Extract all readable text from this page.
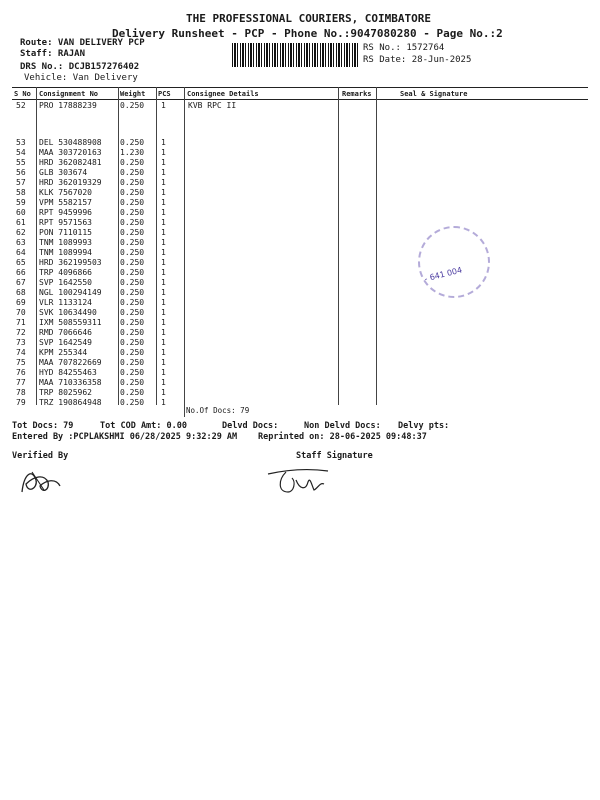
THE PROFESSIONAL COURIERS, COIMBATORE
Delivery Runsheet - PCP - Phone No.:9047080280 - Page No.:2
Route: VAN DELIVERY PCP
Staff: RAJAN
DRS No.: DCJB157276402
Vehicle: Van Delivery
RS No.: 1572764
RS Date: 28-Jun-2025
S No Consignment No	Weight PCS Consignee Details	Remarks	Seal & Signature
52 PRO 17888239	0.250 1	KVB RPC II
53 DEL 530488908 0.250 1
54 MAA 303720163 1.230 1
55 HRD 362082481 0.250 1
56 GLB 303674	0.250 1
57 HRD 362019329 0.250 1
58 KLK 7567020	0.250 1
59 VPM 5582157	0.250 1
60 RPT 9459996	0.250 1
61 RPT 9571563	0.250 1
62 PON 7110115	0.250 1
63 TNM 1089993	0.250 1
64 TNM 1089994	0.250 1
65 HRD 362199503 0.250 1
66 TRP 4096866	0.250 1
67 SVP 1642550	0.250 1
68 NGL 100294149 0.250 1
69 VLR 1133124	0.250 1
70 SVK 10634490	0.250 1
71 IXM 508559311 0.250 1
72 RMD 7066646	0.250 1
73 SVP 1642549	0.250 1
74 KPM 255344	0.250 1
75 MAA 707822669 0.250 1
76 HYD 84255463	0.250 1
77 MAA 710336358 0.250 1
78 TRP 8025962	0.250 1
79 TRZ 190864948 0.250 1
No.Of Docs: 79
- 641 004
Tot Docs: 79	Tot COD Amt: 0.00	Delvd Docs:	Non Delvd Docs: Delvy pts:
Entered By :PCPLAKSHMI 06/28/2025 9:32:29 AM Reprinted on: 28-06-2025 09:48:37
Verified By	Staff Signature
